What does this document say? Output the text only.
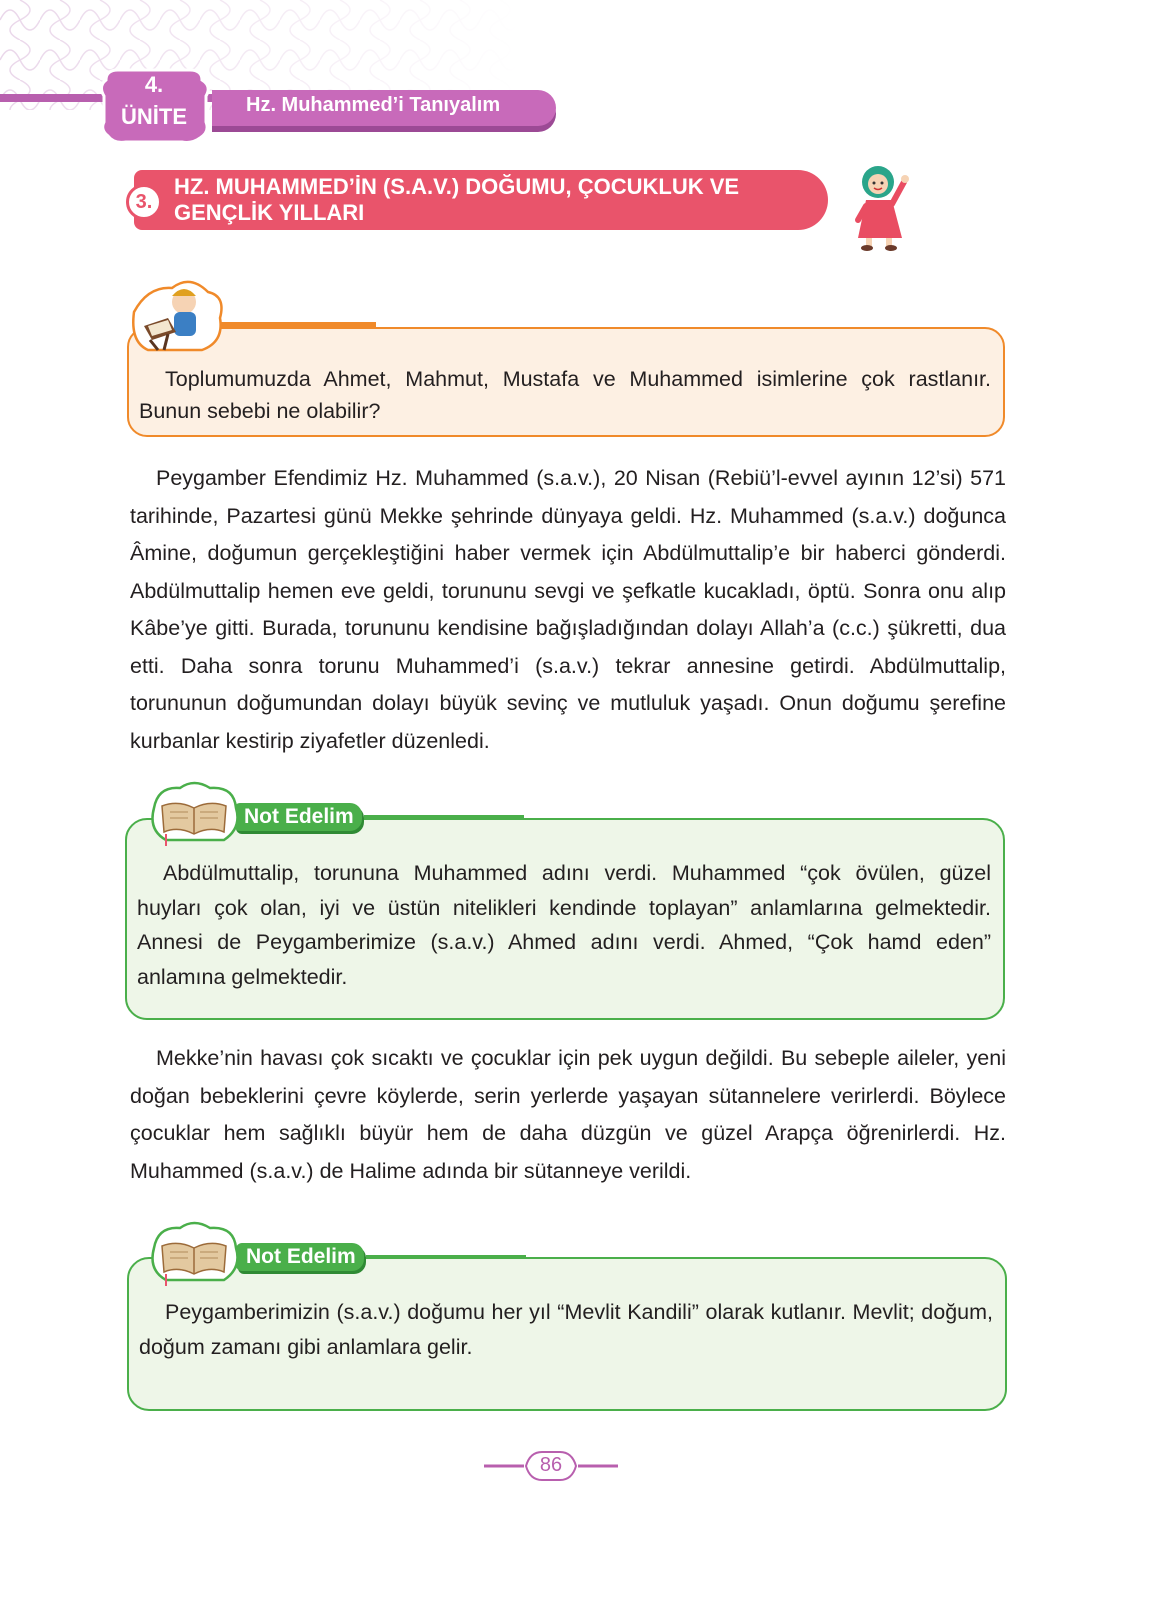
Hz. Muhammed’i Tanıyalım
4.
ÜNİTE
HZ. MUHAMMED’İN (S.A.V.) DOĞUMU, ÇOCUKLUK VE
GENÇLİK YILLARI
3.
Toplumumuzda Ahmet, Mahmut, Mustafa ve Muhammed isimlerine çok rastlanır. Bunun sebebi ne olabilir?
Peygamber Efendimiz Hz. Muhammed (s.a.v.), 20 Nisan (Rebiü’l-evvel ayının 12’si) 571 tarihinde, Pazartesi günü Mekke şehrinde dünyaya geldi. Hz. Muhammed (s.a.v.) doğunca Âmine, doğumun gerçekleştiğini haber vermek için Abdülmuttalip’e bir haberci gönderdi. Abdülmuttalip hemen eve geldi, torununu sevgi ve şefkatle kucakladı, öptü. Sonra onu alıp Kâbe’ye gitti. Burada, torununu kendisine bağışladığından dolayı Allah’a (c.c.) şükretti, dua etti. Daha sonra torunu Muhammed’i (s.a.v.) tekrar annesine getirdi. Abdülmuttalip, torununun doğumundan dolayı büyük sevinç ve mutluluk yaşadı. Onun doğumu şerefine kurbanlar kestirip ziyafetler düzenledi.
Abdülmuttalip, torununa Muhammed adını verdi. Muhammed “çok övülen, güzel huyları çok olan, iyi ve üstün nitelikleri kendinde toplayan” anlamlarına gelmektedir. Annesi de Peygamberimize (s.a.v.) Ahmed adını verdi. Ahmed, “Çok hamd eden” anlamına gelmektedir.
Not Edelim
Mekke’nin havası çok sıcaktı ve çocuklar için pek uygun değildi. Bu sebeple aileler, yeni doğan bebeklerini çevre köylerde, serin yerlerde yaşayan sütannelere verirlerdi. Böylece çocuklar hem sağlıklı büyür hem de daha düzgün ve güzel Arapça öğrenirlerdi. Hz. Muhammed (s.a.v.) de Halime adında bir sütanneye verildi.
Peygamberimizin (s.a.v.) doğumu her yıl “Mevlit Kandili” olarak kutlanır. Mevlit; doğum, doğum zamanı gibi anlamlara gelir.
Not Edelim
86
